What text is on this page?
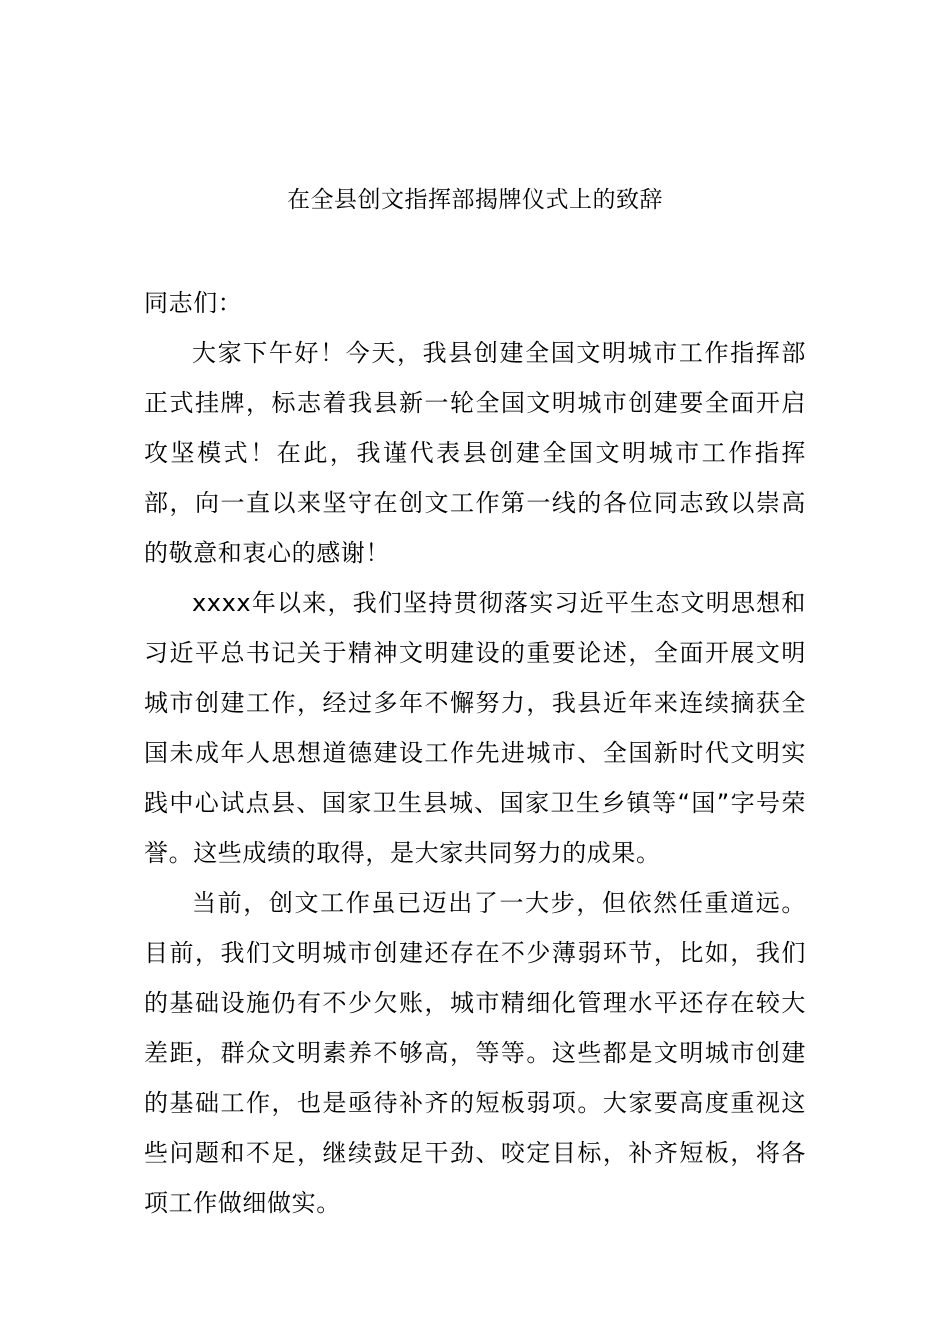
在全县创文指挥部揭牌仪式上的致辞

同志们：

大家下午好！今天，我县创建全国文明城市工作指挥部正式挂牌，标志着我县新一轮全国文明城市创建要全面开启攻坚模式！在此，我谨代表县创建全国文明城市工作指挥部，向一直以来坚守在创文工作第一线的各位同志致以崇高的敬意和衷心的感谢！

xxxx年以来，我们坚持贯彻落实习近平生态文明思想和习近平总书记关于精神文明建设的重要论述，全面开展文明城市创建工作，经过多年不懈努力，我县近年来连续摘获全国未成年人思想道德建设工作先进城市、全国新时代文明实践中心试点县、国家卫生县城、国家卫生乡镇等“国”字号荣誉。这些成绩的取得，是大家共同努力的成果。

当前，创文工作虽已迈出了一大步，但依然任重道远。目前，我们文明城市创建还存在不少薄弱环节，比如，我们的基础设施仍有不少欠账，城市精细化管理水平还存在较大差距，群众文明素养不够高，等等。这些都是文明城市创建的基础工作，也是亟待补齐的短板弱项。大家要高度重视这些问题和不足，继续鼓足干劲、咬定目标，补齐短板，将各项工作做细做实。
